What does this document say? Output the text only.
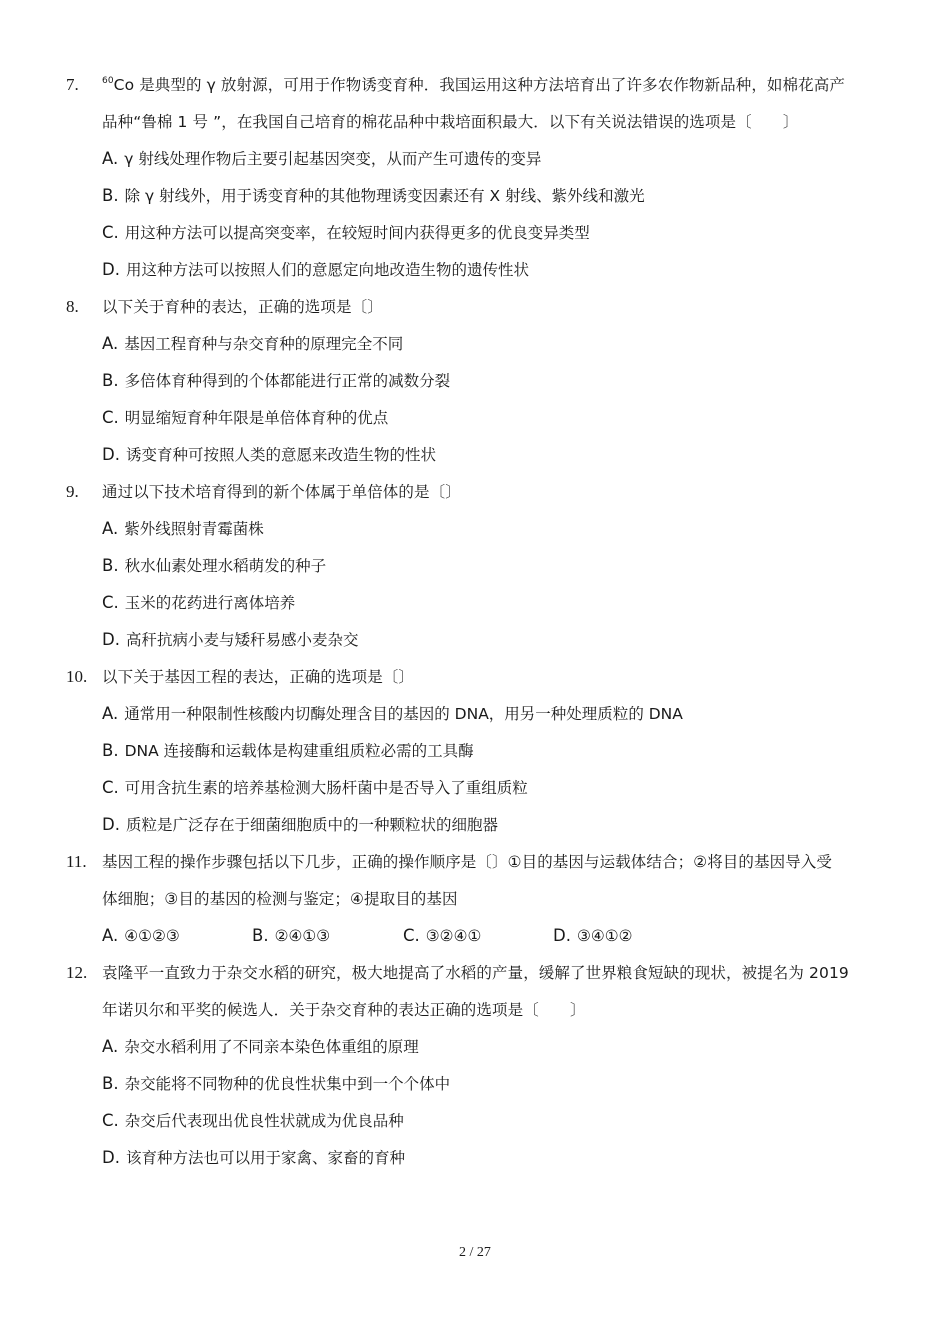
7.	$^{60}$Co 是典型的 γ 放射源，可用于作物诱变育种．我国运用这种方法培育出了许多农作物新品种，如棉花高产
品种“鲁棉 1 号 ”，在我国自己培育的棉花品种中栽培面积最大．以下有关说法错误的选项是〔　　〕
A. γ 射线处理作物后主要引起基因突变，从而产生可遗传的变异
B. 除 γ 射线外，用于诱变育种的其他物理诱变因素还有 X 射线、紫外线和激光
C. 用这种方法可以提高突变率，在较短时间内获得更多的优良变异类型
D. 用这种方法可以按照人们的意愿定向地改造生物的遗传性状
8. 以下关于育种的表达，正确的选项是〔〕
A. 基因工程育种与杂交育种的原理完全不同
B. 多倍体育种得到的个体都能进行正常的减数分裂
C. 明显缩短育种年限是单倍体育种的优点
D. 诱变育种可按照人类的意愿来改造生物的性状
9. 通过以下技术培育得到的新个体属于单倍体的是〔〕
A. 紫外线照射青霉菌株
B. 秋水仙素处理水稻萌发的种子
C. 玉米的花药进行离体培养
D. 高秆抗病小麦与矮秆易感小麦杂交
10. 以下关于基因工程的表达，正确的选项是〔〕
A. 通常用一种限制性核酸内切酶处理含目的基因的 DNA，用另一种处理质粒的 DNA
B. DNA 连接酶和运载体是构建重组质粒必需的工具酶
C. 可用含抗生素的培养基检测大肠杆菌中是否导入了重组质粒
D. 质粒是广泛存在于细菌细胞质中的一种颗粒状的细胞器
11. 基因工程的操作步骤包括以下几步，正确的操作顺序是〔〕①目的基因与运载体结合；②将目的基因导入受
体细胞；③目的基因的检测与鉴定；④提取目的基因
A. ④①②③	B. ②④①③	C. ③②④①	D. ③④①②
12. 袁隆平一直致力于杂交水稻的研究，极大地提高了水稻的产量，缓解了世界粮食短缺的现状，被提名为 2019
年诺贝尔和平奖的候选人．关于杂交育种的表达正确的选项是〔　　〕
A. 杂交水稻利用了不同亲本染色体重组的原理
B. 杂交能将不同物种的优良性状集中到一个个体中
C. 杂交后代表现出优良性状就成为优良品种
D. 该育种方法也可以用于家禽、家畜的育种
2 / 27
